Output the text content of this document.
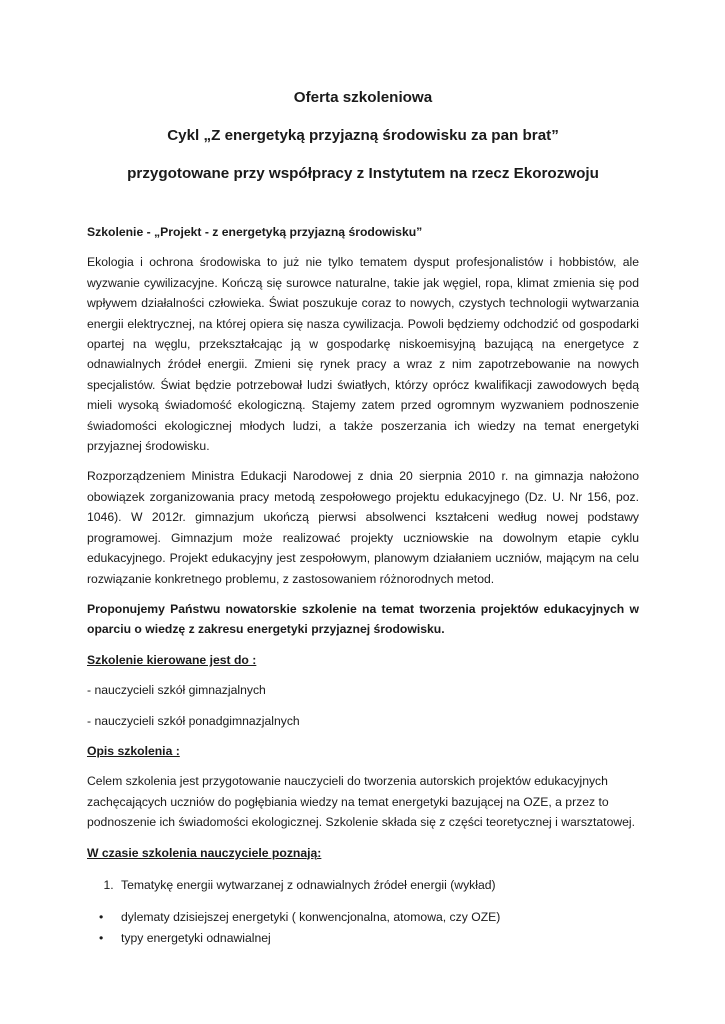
Oferta szkoleniowa

Cykl „Z energetyką przyjazną środowisku za pan brat”

przygotowane przy współpracy z Instytutem na rzecz Ekorozwoju

Szkolenie - „Projekt - z energetyką przyjazną środowisku”

Ekologia i ochrona środowiska to już nie tylko tematem dysput profesjonalistów i hobbistów, ale wyzwanie cywilizacyjne. Kończą się surowce naturalne, takie jak węgiel, ropa, klimat zmienia się pod wpływem działalności człowieka. Świat poszukuje coraz to nowych, czystych technologii wytwarzania energii elektrycznej, na której opiera się nasza cywilizacja. Powoli będziemy odchodzić od gospodarki opartej na węglu, przekształcając ją w gospodarkę niskoemisyjną bazującą na energetyce z odnawialnych źródeł energii. Zmieni się rynek pracy a wraz z nim zapotrzebowanie na nowych specjalistów. Świat będzie potrzebował ludzi światłych, którzy oprócz kwalifikacji zawodowych będą mieli wysoką świadomość ekologiczną. Stajemy zatem przed ogromnym wyzwaniem podnoszenie świadomości ekologicznej młodych ludzi, a także poszerzania ich wiedzy na temat energetyki przyjaznej środowisku.

Rozporządzeniem Ministra Edukacji Narodowej z dnia 20 sierpnia 2010 r. na gimnazja nałożono obowiązek zorganizowania pracy metodą zespołowego projektu edukacyjnego (Dz. U. Nr 156, poz. 1046). W 2012r. gimnazjum ukończą pierwsi absolwenci kształceni według nowej podstawy programowej. Gimnazjum może realizować projekty uczniowskie na dowolnym etapie cyklu edukacyjnego. Projekt edukacyjny jest zespołowym, planowym działaniem uczniów, mającym na celu rozwiązanie konkretnego problemu, z zastosowaniem różnorodnych metod.

Proponujemy Państwu nowatorskie szkolenie na temat tworzenia projektów edukacyjnych w oparciu o wiedzę z zakresu energetyki przyjaznej środowisku.

Szkolenie kierowane jest do :

- nauczycieli szkół gimnazjalnych

- nauczycieli szkół ponadgimnazjalnych

Opis szkolenia :

Celem szkolenia jest przygotowanie nauczycieli do tworzenia autorskich projektów edukacyjnych zachęcających uczniów do pogłębiania wiedzy na temat energetyki bazującej na OZE, a przez to podnoszenie ich świadomości ekologicznej. Szkolenie składa się z części teoretycznej i warsztatowej.

W czasie szkolenia nauczyciele poznają:

1. Tematykę energii wytwarzanej z odnawialnych źródeł energii (wykład)
• dylematy dzisiejszej energetyki ( konwencjonalna, atomowa, czy OZE)
• typy energetyki odnawialnej
